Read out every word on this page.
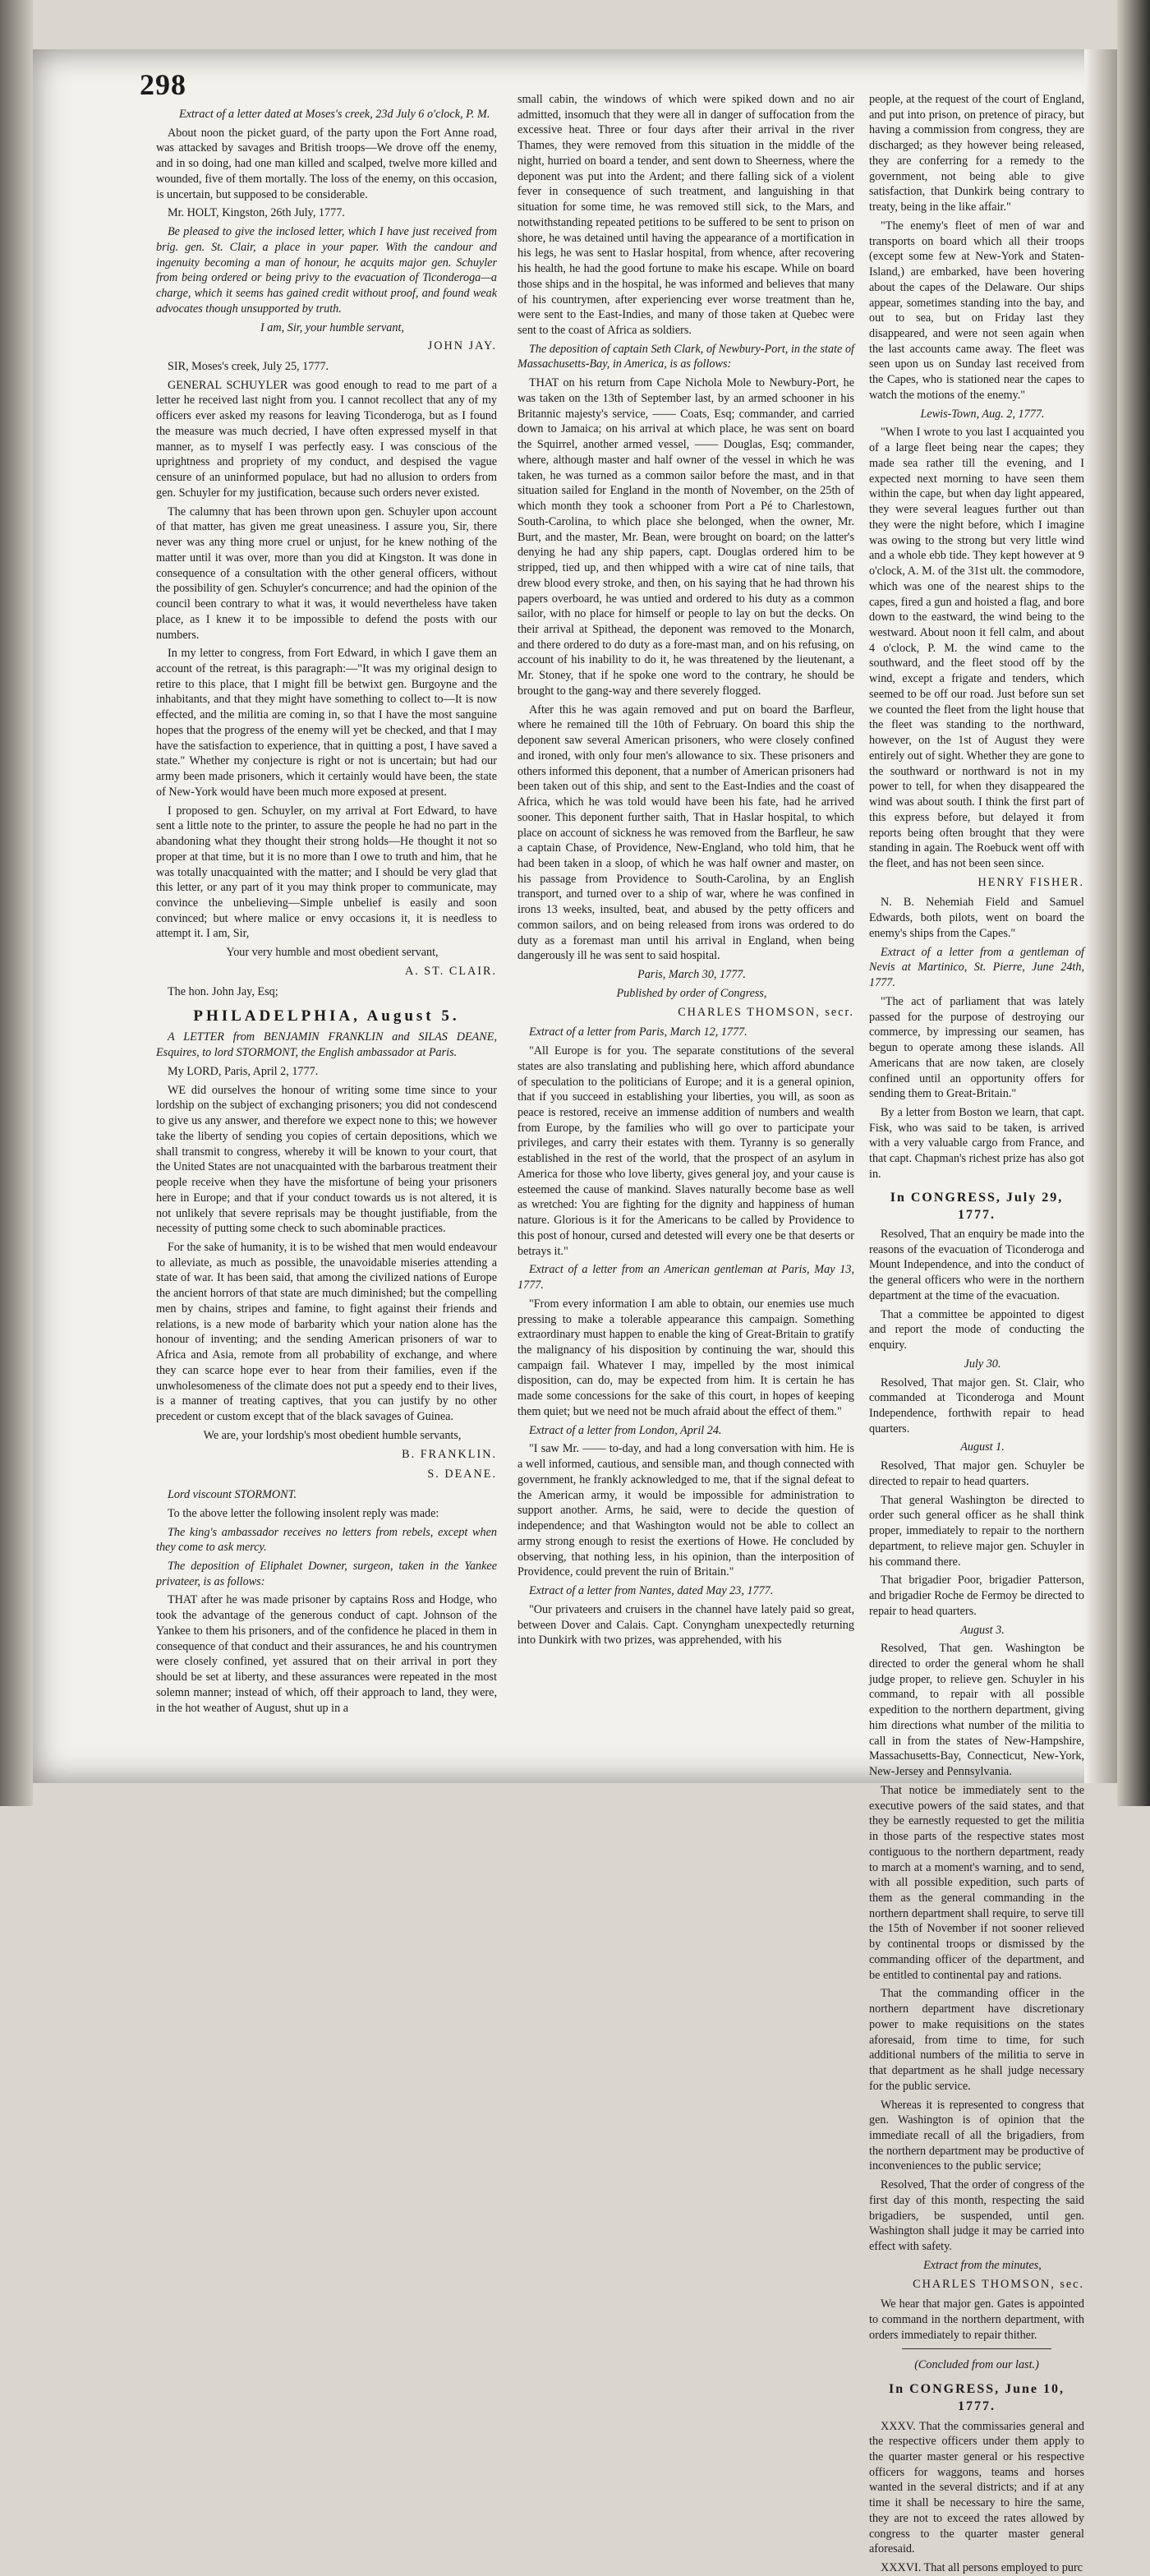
298

Extract of a letter dated at Moses's creek, 23d July 6 o'clock, P. M.

About noon the picket guard, of the party upon the Fort Anne road, was attacked by savages and British troops—We drove off the enemy, and in so doing, had one man killed and scalped, twelve more killed and wounded, five of them mortally. The loss of the enemy, on this occasion, is uncertain, but supposed to be considerable.

Mr. HOLT, Kingston, 26th July, 1777.

Be pleased to give the inclosed letter, which I have just received from brig. gen. St. Clair, a place in your paper. With the candour and ingenuity becoming a man of honour, he acquits major gen. Schuyler from being ordered or being privy to the evacuation of Ticonderoga—a charge, which it seems has gained credit without proof, and found weak advocates though unsupported by truth.

I am, Sir, your humble servant,

JOHN JAY.

SIR, Moses's creek, July 25, 1777.

GENERAL SCHUYLER was good enough to read to me part of a letter he received last night from you. I cannot recollect that any of my officers ever asked my reasons for leaving Ticonderoga, but as I found the measure was much decried, I have often expressed myself in that manner, as to myself I was perfectly easy. I was conscious of the uprightness and propriety of my conduct, and despised the vague censure of an uninformed populace, but had no allusion to orders from gen. Schuyler for my justification, because such orders never existed.

The calumny that has been thrown upon gen. Schuyler upon account of that matter, has given me great uneasiness. I assure you, Sir, there never was any thing more cruel or unjust, for he knew nothing of the matter until it was over, more than you did at Kingston. It was done in consequence of a consultation with the other general officers, without the possibility of gen. Schuyler's concurrence; and had the opinion of the council been contrary to what it was, it would nevertheless have taken place, as I knew it to be impossible to defend the posts with our numbers.

In my letter to congress, from Fort Edward, in which I gave them an account of the retreat, is this paragraph:—"It was my original design to retire to this place, that I might fill be betwixt gen. Burgoyne and the inhabitants, and that they might have something to collect to—It is now effected, and the militia are coming in, so that I have the most sanguine hopes that the progress of the enemy will yet be checked, and that I may have the satisfaction to experience, that in quitting a post, I have saved a state." Whether my conjecture is right or not is uncertain; but had our army been made prisoners, which it certainly would have been, the state of New-York would have been much more exposed at present.

I proposed to gen. Schuyler, on my arrival at Fort Edward, to have sent a little note to the printer, to assure the people he had no part in the abandoning what they thought their strong holds—He thought it not so proper at that time, but it is no more than I owe to truth and him, that he was totally unacquainted with the matter; and I should be very glad that this letter, or any part of it you may think proper to communicate, may convince the unbelieving—Simple unbelief is easily and soon convinced; but where malice or envy occasions it, it is needless to attempt it. I am, Sir,

Your very humble and most obedient servant,

A. ST. CLAIR.

The hon. John Jay, Esq;

PHILADELPHIA, August 5.

A LETTER from BENJAMIN FRANKLIN and SILAS DEANE, Esquires, to lord STORMONT, the English ambassador at Paris.

My LORD, Paris, April 2, 1777.

WE did ourselves the honour of writing some time since to your lordship on the subject of exchanging prisoners; you did not condescend to give us any answer, and therefore we expect none to this; we however take the liberty of sending you copies of certain depositions, which we shall transmit to congress, whereby it will be known to your court, that the United States are not unacquainted with the barbarous treatment their people receive when they have the misfortune of being your prisoners here in Europe; and that if your conduct towards us is not altered, it is not unlikely that severe reprisals may be thought justifiable, from the necessity of putting some check to such abominable practices.

For the sake of humanity, it is to be wished that men would endeavour to alleviate, as much as possible, the unavoidable miseries attending a state of war. It has been said, that among the civilized nations of Europe the ancient horrors of that state are much diminished; but the compelling men by chains, stripes and famine, to fight against their friends and relations, is a new mode of barbarity which your nation alone has the honour of inventing; and the sending American prisoners of war to Africa and Asia, remote from all probability of exchange, and where they can scarce hope ever to hear from their families, even if the unwholesomeness of the climate does not put a speedy end to their lives, is a manner of treating captives, that you can justify by no other precedent or custom except that of the black savages of Guinea.

We are, your lordship's most obedient humble servants,

B. FRANKLIN.
S. DEANE.

Lord viscount STORMONT.

To the above letter the following insolent reply was made:

The king's ambassador receives no letters from rebels, except when they come to ask mercy.

The deposition of Eliphalet Downer, surgeon, taken in the Yankee privateer, is as follows:

THAT after he was made prisoner by captains Ross and Hodge, who took the advantage of the generous conduct of capt. Johnson of the Yankee to them his prisoners, and of the confidence he placed in them in consequence of that conduct and their assurances, he and his countrymen were closely confined, yet assured that on their arrival in port they should be set at liberty, and these assurances were repeated in the most solemn manner; instead of which, off their approach to land, they were, in the hot weather of August, shut up in a

small cabin, the windows of which were spiked down and no air admitted, insomuch that they were all in danger of suffocation from the excessive heat. Three or four days after their arrival in the river Thames, they were removed from this situation in the middle of the night, hurried on board a tender, and sent down to Sheerness, where the deponent was put into the Ardent; and there falling sick of a violent fever in consequence of such treatment, and languishing in that situation for some time, he was removed still sick, to the Mars, and notwithstanding repeated petitions to be suffered to be sent to prison on shore, he was detained until having the appearance of a mortification in his legs, he was sent to Haslar hospital, from whence, after recovering his health, he had the good fortune to make his escape. While on board those ships and in the hospital, he was informed and believes that many of his countrymen, after experiencing ever worse treatment than he, were sent to the East-Indies, and many of those taken at Quebec were sent to the coast of Africa as soldiers.

The deposition of captain Seth Clark, of Newbury-Port, in the state of Massachusetts-Bay, in America, is as follows:

THAT on his return from Cape Nichola Mole to Newbury-Port, he was taken on the 13th of September last, by an armed schooner in his Britannic majesty's service, —— Coats, Esq; commander, and carried down to Jamaica; on his arrival at which place, he was sent on board the Squirrel, another armed vessel, —— Douglas, Esq; commander, where, although master and half owner of the vessel in which he was taken, he was turned as a common sailor before the mast, and in that situation sailed for England in the month of November, on the 25th of which month they took a schooner from Port a Pé to Charlestown, South-Carolina, to which place she belonged, when the owner, Mr. Burt, and the master, Mr. Bean, were brought on board; on the latter's denying he had any ship papers, capt. Douglas ordered him to be stripped, tied up, and then whipped with a wire cat of nine tails, that drew blood every stroke, and then, on his saying that he had thrown his papers overboard, he was untied and ordered to his duty as a common sailor, with no place for himself or people to lay on but the decks. On their arrival at Spithead, the deponent was removed to the Monarch, and there ordered to do duty as a fore-mast man, and on his refusing, on account of his inability to do it, he was threatened by the lieutenant, a Mr. Stoney, that if he spoke one word to the contrary, he should be brought to the gang-way and there severely flogged.

After this he was again removed and put on board the Barfleur, where he remained till the 10th of February. On board this ship the deponent saw several American prisoners, who were closely confined and ironed, with only four men's allowance to six. These prisoners and others informed this deponent, that a number of American prisoners had been taken out of this ship, and sent to the East-Indies and the coast of Africa, which he was told would have been his fate, had he arrived sooner. This deponent further saith, That in Haslar hospital, to which place on account of sickness he was removed from the Barfleur, he saw a captain Chase, of Providence, New-England, who told him, that he had been taken in a sloop, of which he was half owner and master, on his passage from Providence to South-Carolina, by an English transport, and turned over to a ship of war, where he was confined in irons 13 weeks, insulted, beat, and abused by the petty officers and common sailors, and on being released from irons was ordered to do duty as a foremast man until his arrival in England, when being dangerously ill he was sent to said hospital.

Paris, March 30, 1777.

Published by order of Congress,

CHARLES THOMSON, secr.

Extract of a letter from Paris, March 12, 1777.

"All Europe is for you. The separate constitutions of the several states are also translating and publishing here, which afford abundance of speculation to the politicians of Europe; and it is a general opinion, that if you succeed in establishing your liberties, you will, as soon as peace is restored, receive an immense addition of numbers and wealth from Europe, by the families who will go over to participate your privileges, and carry their estates with them. Tyranny is so generally established in the rest of the world, that the prospect of an asylum in America for those who love liberty, gives general joy, and your cause is esteemed the cause of mankind. Slaves naturally become base as well as wretched: You are fighting for the dignity and happiness of human nature. Glorious is it for the Americans to be called by Providence to this post of honour, cursed and detested will every one be that deserts or betrays it."

Extract of a letter from an American gentleman at Paris, May 13, 1777.

"From every information I am able to obtain, our enemies use much pressing to make a tolerable appearance this campaign. Something extraordinary must happen to enable the king of Great-Britain to gratify the malignancy of his disposition by continuing the war, should this campaign fail. Whatever I may, impelled by the most inimical disposition, can do, may be expected from him. It is certain he has made some concessions for the sake of this court, in hopes of keeping them quiet; but we need not be much afraid about the effect of them."

Extract of a letter from London, April 24.

"I saw Mr. —— to-day, and had a long conversation with him. He is a well informed, cautious, and sensible man, and though connected with government, he frankly acknowledged to me, that if the signal defeat to the American army, it would be impossible for administration to support another. Arms, he said, were to decide the question of independence; and that Washington would not be able to collect an army strong enough to resist the exertions of Howe. He concluded by observing, that nothing less, in his opinion, than the interposition of Providence, could prevent the ruin of Britain."

Extract of a letter from Nantes, dated May 23, 1777.

"Our privateers and cruisers in the channel have lately paid so great, between Dover and Calais. Capt. Conyngham unexpectedly returning into Dunkirk with two prizes, was apprehended, with his

people, at the request of the court of England, and put into prison, on pretence of piracy, but having a commission from congress, they are discharged; as they however being released, they are conferring for a remedy to the government, not being able to give satisfaction, that Dunkirk being contrary to treaty, being in the like affair."

"The enemy's fleet of men of war and transports on board which all their troops (except some few at New-York and Staten-Island,) are embarked, have been hovering about the capes of the Delaware. Our ships appear, sometimes standing into the bay, and out to sea, but on Friday last they disappeared, and were not seen again when the last accounts came away. The fleet was seen upon us on Sunday last received from the Capes, who is stationed near the capes to watch the motions of the enemy."

Lewis-Town, Aug. 2, 1777.

"When I wrote to you last I acquainted you of a large fleet being near the capes; they made sea rather till the evening, and I expected next morning to have seen them within the cape, but when day light appeared, they were several leagues further out than they were the night before, which I imagine was owing to the strong but very little wind and a whole ebb tide. They kept however at 9 o'clock, A. M. of the 31st ult. the commodore, which was one of the nearest ships to the capes, fired a gun and hoisted a flag, and bore down to the eastward, the wind being to the westward. About noon it fell calm, and about 4 o'clock, P. M. the wind came to the southward, and the fleet stood off by the wind, except a frigate and tenders, which seemed to be off our road. Just before sun set we counted the fleet from the light house that the fleet was standing to the northward, however, on the 1st of August they were entirely out of sight. Whether they are gone to the southward or northward is not in my power to tell, for when they disappeared the wind was about south. I think the first part of this express before, but delayed it from reports being often brought that they were standing in again. The Roebuck went off with the fleet, and has not been seen since.

HENRY FISHER.

N. B. Nehemiah Field and Samuel Edwards, both pilots, went on board the enemy's ships from the Capes."

Extract of a letter from a gentleman of Nevis at Martinico, St. Pierre, June 24th, 1777.

"The act of parliament that was lately passed for the purpose of destroying our commerce, by impressing our seamen, has begun to operate among these islands. All Americans that are now taken, are closely confined until an opportunity offers for sending them to Great-Britain."

By a letter from Boston we learn, that capt. Fisk, who was said to be taken, is arrived with a very valuable cargo from France, and that capt. Chapman's richest prize has also got in.

In CONGRESS, July 29, 1777.

Resolved, That an enquiry be made into the reasons of the evacuation of Ticonderoga and Mount Independence, and into the conduct of the general officers who were in the northern department at the time of the evacuation.

That a committee be appointed to digest and report the mode of conducting the enquiry.

July 30.

Resolved, That major gen. St. Clair, who commanded at Ticonderoga and Mount Independence, forthwith repair to head quarters.

August 1.

Resolved, That major gen. Schuyler be directed to repair to head quarters.

That general Washington be directed to order such general officer as he shall think proper, immediately to repair to the northern department, to relieve major gen. Schuyler in his command there.

That brigadier Poor, brigadier Patterson, and brigadier Roche de Fermoy be directed to repair to head quarters.

August 3.

Resolved, That gen. Washington be directed to order the general whom he shall judge proper, to relieve gen. Schuyler in his command, to repair with all possible expedition to the northern department, giving him directions what number of the militia to call in from the states of New-Hampshire, Massachusetts-Bay, Connecticut, New-York, New-Jersey and Pennsylvania.

That notice be immediately sent to the executive powers of the said states, and that they be earnestly requested to get the militia in those parts of the respective states most contiguous to the northern department, ready to march at a moment's warning, and to send, with all possible expedition, such parts of them as the general commanding in the northern department shall require, to serve till the 15th of November if not sooner relieved by continental troops or dismissed by the commanding officer of the department, and be entitled to continental pay and rations.

That the commanding officer in the northern department have discretionary power to make requisitions on the states aforesaid, from time to time, for such additional numbers of the militia to serve in that department as he shall judge necessary for the public service.

Whereas it is represented to congress that gen. Washington is of opinion that the immediate recall of all the brigadiers, from the northern department may be productive of inconveniences to the public service;

Resolved, That the order of congress of the first day of this month, respecting the said brigadiers, be suspended, until gen. Washington shall judge it may be carried into effect with safety.

Extract from the minutes,

CHARLES THOMSON, sec.

We hear that major gen. Gates is appointed to command in the northern department, with orders immediately to repair thither.

(Concluded from our last.)
In CONGRESS, June 10, 1777.

XXXV. That the commissaries general and the respective officers under them apply to the quarter master general or his respective officers for waggons, teams and horses wanted in the several districts; and if at any time it shall be necessary to hire the same, they are not to exceed the rates allowed by congress to the quarter master general aforesaid.

XXXVI. That all persons employed to purc
